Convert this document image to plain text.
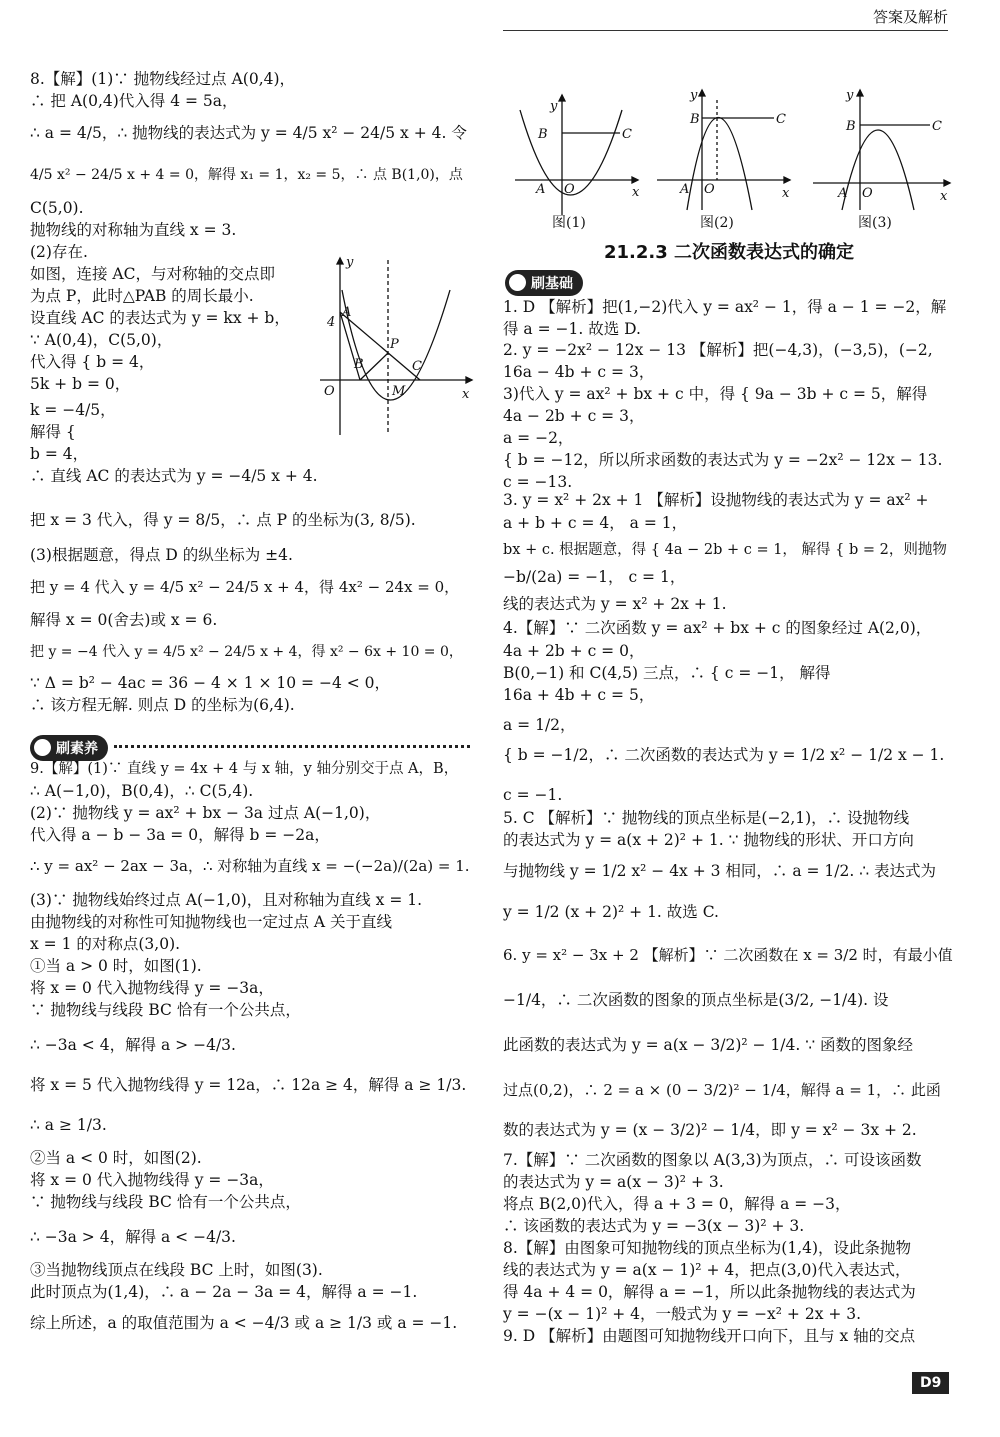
答案及解析
8.【解】(1)∵ 抛物线经过点 A(0,4)，
∴ 把 A(0,4)代入得 4 = 5a，
∴ a = 4/5，∴ 抛物线的表达式为 y = 4/5 x² − 24/5 x + 4. 令
4/5 x² − 24/5 x + 4 = 0，解得 x₁ = 1，x₂ = 5，∴ 点 B(1,0)，点
C(5,0).
抛物线的对称轴为直线 x = 3.
(2)存在.
如图，连接 AC，与对称轴的交点即
为点 P，此时△PAB 的周长最小.
设直线 AC 的表达式为 y = kx + b，
∵ A(0,4)，C(5,0)，
代入得 { b = 4，
5k + b = 0，
k = −4/5，
解得 {
b = 4，
∴ 直线 AC 的表达式为 y = −4/5 x + 4.
把 x = 3 代入，得 y = 8/5，∴ 点 P 的坐标为(3, 8/5).
(3)根据题意，得点 D 的纵坐标为 ±4.
把 y = 4 代入 y = 4/5 x² − 24/5 x + 4，得 4x² − 24x = 0，
解得 x = 0(舍去)或 x = 6.
把 y = −4 代入 y = 4/5 x² − 24/5 x + 4，得 x² − 6x + 10 = 0，
∵ Δ = b² − 4ac = 36 − 4 × 1 × 10 = −4 < 0，
∴ 该方程无解. 则点 D 的坐标为(6,4).
9.【解】(1)∵ 直线 y = 4x + 4 与 x 轴，y 轴分别交于点 A，B，
∴ A(−1,0)，B(0,4)，∴ C(5,4).
(2)∵ 抛物线 y = ax² + bx − 3a 过点 A(−1,0)，
代入得 a − b − 3a = 0，解得 b = −2a，
∴ y = ax² − 2ax − 3a，∴ 对称轴为直线 x = −(−2a)/(2a) = 1.
(3)∵ 抛物线始终过点 A(−1,0)，且对称轴为直线 x = 1.
由抛物线的对称性可知抛物线也一定过点 A 关于直线
x = 1 的对称点(3,0).
①当 a > 0 时，如图(1).
将 x = 0 代入抛物线得 y = −3a，
∵ 抛物线与线段 BC 恰有一个公共点，
∴ −3a < 4，解得 a > −4/3.
将 x = 5 代入抛物线得 y = 12a，∴ 12a ≥ 4，解得 a ≥ 1/3.
∴ a ≥ 1/3.
②当 a < 0 时，如图(2).
将 x = 0 代入抛物线得 y = −3a，
∵ 抛物线与线段 BC 恰有一个公共点，
∴ −3a > 4，解得 a < −4/3.
③当抛物线顶点在线段 BC 上时，如图(3).
此时顶点为(1,4)，∴ a − 2a − 3a = 4，解得 a = −1.
综上所述，a 的取值范围为 a < −4/3 或 a ≥ 1/3 或 a = −1.
y
x
O
4
A
B
P
C
M
刷素养
1. D 【解析】把(1,−2)代入 y = ax² − 1，得 a − 1 = −2，解
得 a = −1. 故选 D.
2. y = −2x² − 12x − 13 【解析】把(−4,3)，(−3,5)，(−2,
16a − 4b + c = 3，
3)代入 y = ax² + bx + c 中，得 { 9a − 3b + c = 5，解得
4a − 2b + c = 3，
a = −2，
{ b = −12，所以所求函数的表达式为 y = −2x² − 12x − 13.
c = −13.
3. y = x² + 2x + 1 【解析】设抛物线的表达式为 y = ax² +
a + b + c = 4， a = 1，
bx + c. 根据题意，得 { 4a − 2b + c = 1， 解得 { b = 2，则抛物
−b/(2a) = −1， c = 1，
线的表达式为 y = x² + 2x + 1.
4.【解】∵ 二次函数 y = ax² + bx + c 的图象经过 A(2,0)，
4a + 2b + c = 0，
B(0,−1) 和 C(4,5) 三点，∴ { c = −1， 解得
16a + 4b + c = 5，
a = 1/2，
{ b = −1/2，∴ 二次函数的表达式为 y = 1/2 x² − 1/2 x − 1.
c = −1.
5. C 【解析】∵ 抛物线的顶点坐标是(−2,1)，∴ 设抛物线
的表达式为 y = a(x + 2)² + 1. ∵ 抛物线的形状、开口方向
与抛物线 y = 1/2 x² − 4x + 3 相同，∴ a = 1/2. ∴ 表达式为
y = 1/2 (x + 2)² + 1. 故选 C.
6. y = x² − 3x + 2 【解析】∵ 二次函数在 x = 3/2 时，有最小值
−1/4，∴ 二次函数的图象的顶点坐标是(3/2, −1/4). 设
此函数的表达式为 y = a(x − 3/2)² − 1/4. ∵ 函数的图象经
过点(0,2)，∴ 2 = a × (0 − 3/2)² − 1/4，解得 a = 1，∴ 此函
数的表达式为 y = (x − 3/2)² − 1/4，即 y = x² − 3x + 2.
7.【解】∵ 二次函数的图象以 A(3,3)为顶点，∴ 可设该函数
的表达式为 y = a(x − 3)² + 3.
将点 B(2,0)代入，得 a + 3 = 0，解得 a = −3，
∴ 该函数的表达式为 y = −3(x − 3)² + 3.
8.【解】由图象可知抛物线的顶点坐标为(1,4)，设此条抛物
线的表达式为 y = a(x − 1)² + 4，把点(3,0)代入表达式，
得 4a + 4 = 0，解得 a = −1，所以此条抛物线的表达式为
y = −(x − 1)² + 4，一般式为 y = −x² + 2x + 3.
9. D 【解析】由题图可知抛物线开口向下，且与 x 轴的交点
y
x
B	C
A O
图(1)
y
x
B	C
A O
图(2)
y
x
B	C
A O
图(3)
21.2.3 二次函数表达式的确定
刷基础
D9
